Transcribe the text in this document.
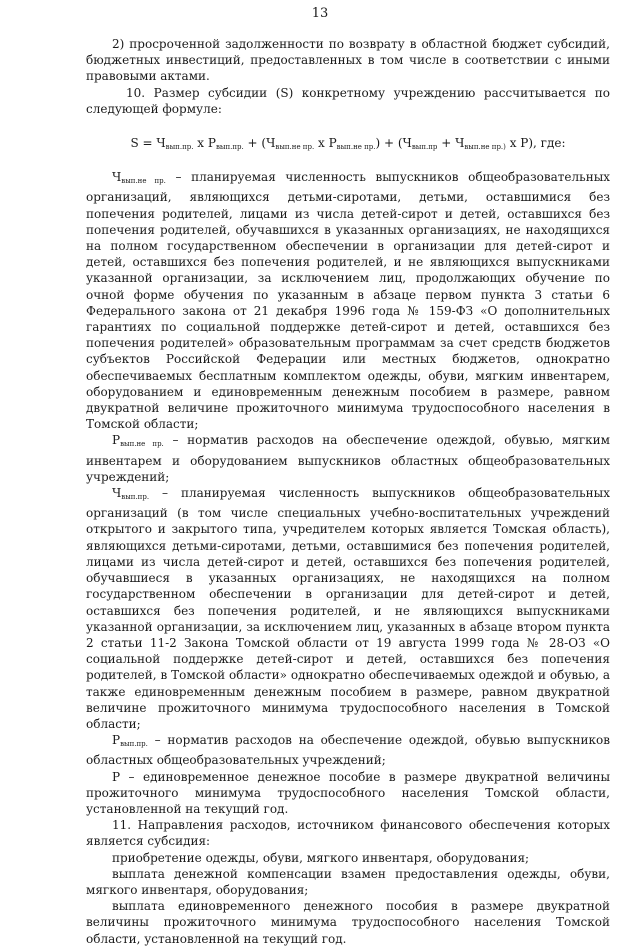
13

2) просроченной задолженности по возврату в областной бюджет субсидий, бюджетных инвестиций, предоставленных в том числе в соответствии с иными правовыми актами.

10. Размер субсидии (S) конкретному учреждению рассчитывается по следующей формуле:

$S = Ч_{вып.пр.}$ x $P_{вып.пр.} + (Ч_{вып.не пр.}$ x $P_{вып.не пр.}) + (Ч_{вып.пр} + Ч_{вып.не пр.)}$ x P), где:

$Ч_{вып.не пр.}$ – планируемая численность выпускников общеобразовательных организаций, являющихся детьми-сиротами, детьми, оставшимися без попечения родителей, лицами из числа детей-сирот и детей, оставшихся без попечения родителей, обучавшихся в указанных организациях, не находящихся на полном государственном обеспечении в организации для детей-сирот и детей, оставшихся без попечения родителей, и не являющихся выпускниками указанной организации, за исключением лиц, продолжающих обучение по очной форме обучения по указанным в абзаце первом пункта 3 статьи 6 Федерального закона от 21 декабря 1996 года № 159-ФЗ «О дополнительных гарантиях по социальной поддержке детей-сирот и детей, оставшихся без попечения родителей» образовательным программам за счет средств бюджетов субъектов Российской Федерации или местных бюджетов, однократно обеспечиваемых бесплатным комплектом одежды, обуви, мягким инвентарем, оборудованием и единовременным денежным пособием в размере, равном двукратной величине прожиточного минимума трудоспособного населения в Томской области;

$P_{вып.не пр.}$ – норматив расходов на обеспечение одеждой, обувью, мягким инвентарем и оборудованием выпускников областных общеобразовательных учреждений;

$Ч_{вып.пр.}$ – планируемая численность выпускников общеобразовательных организаций (в том числе специальных учебно-воспитательных учреждений открытого и закрытого типа, учредителем которых является Томская область), являющихся детьми-сиротами, детьми, оставшимися без попечения родителей, лицами из числа детей-сирот и детей, оставшихся без попечения родителей, обучавшиеся в указанных организациях, не находящихся на полном государственном обеспечении в организации для детей-сирот и детей, оставшихся без попечения родителей, и не являющихся выпускниками указанной организации, за исключением лиц, указанных в абзаце втором пункта 2 статьи 11-2 Закона Томской области от 19 августа 1999 года № 28-ОЗ «О социальной поддержке детей-сирот и детей, оставшихся без попечения родителей, в Томской области» однократно обеспечиваемых одеждой и обувью, а также единовременным денежным пособием в размере, равном двукратной величине прожиточного минимума трудоспособного населения в Томской области;

$P_{вып.пр.}$ – норматив расходов на обеспечение одеждой, обувью выпускников областных общеобразовательных учреждений;

P – единовременное денежное пособие в размере двукратной величины прожиточного минимума трудоспособного населения Томской области, установленной на текущий год.

11. Направления расходов, источником финансового обеспечения которых является субсидия:

приобретение одежды, обуви, мягкого инвентаря, оборудования;

выплата денежной компенсации взамен предоставления одежды, обуви, мягкого инвентаря, оборудования;

выплата единовременного денежного пособия в размере двукратной величины прожиточного минимума трудоспособного населения Томской области, установленной на текущий год.
